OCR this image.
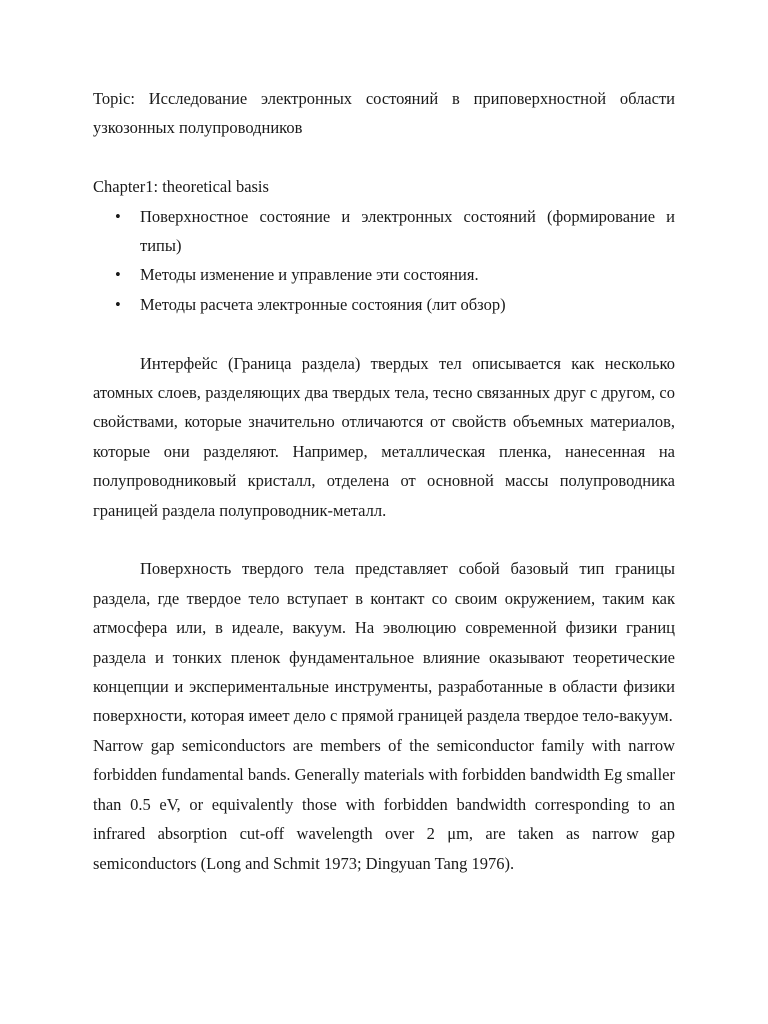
Topic: Исследование электронных состояний в приповерхностной области узкозонных полупроводников

Chapter1: theoretical basis

• Поверхностное состояние и электронных состояний (формирование и типы)
• Методы изменение и управление эти состояния.
• Методы расчета электронные состояния (лит обзор)

Интерфейс (Граница раздела) твердых тел описывается как несколько атомных слоев, разделяющих два твердых тела, тесно связанных друг с другом, со свойствами, которые значительно отличаются от свойств объемных материалов, которые они разделяют. Например, металлическая пленка, нанесенная на полупроводниковый кристалл, отделена от основной массы полупроводника границей раздела полупроводник-металл.

Поверхность твердого тела представляет собой базовый тип границы раздела, где твердое тело вступает в контакт со своим окружением, таким как атмосфера или, в идеале, вакуум. На эволюцию современной физики границ раздела и тонких пленок фундаментальное влияние оказывают теоретические концепции и экспериментальные инструменты, разработанные в области физики поверхности, которая имеет дело с прямой границей раздела твердое тело-вакуум.

Narrow gap semiconductors are members of the semiconductor family with narrow forbidden fundamental bands. Generally materials with forbidden bandwidth Eg smaller than 0.5 eV, or equivalently those with forbidden bandwidth corresponding to an infrared absorption cut-off wavelength over 2 μm, are taken as narrow gap semiconductors (Long and Schmit 1973; Dingyuan Tang 1976).
